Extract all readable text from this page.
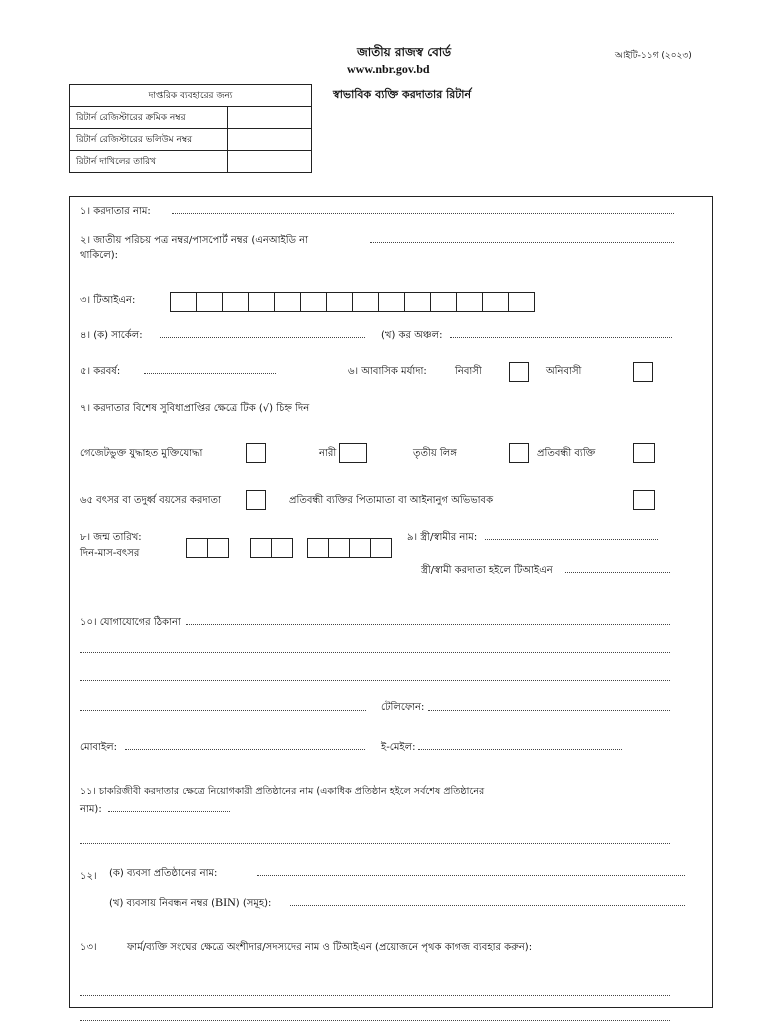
জাতীয় রাজস্ব বোর্ড
www.nbr.gov.bd
আইটি-১১গ (২০২৩)
স্বাভাবিক ব্যক্তি করদাতার রিটার্ন
দাপ্তরিক ব্যবহারের জন্য	
রিটার্ন রেজিস্টারের ক্রমিক নম্বর	
রিটার্ন রেজিস্টারের ভলিউম নম্বর	
রিটার্ন দাখিলের তারিখ	
১। করদাতার নাম:
২। জাতীয় পরিচয় পত্র নম্বর/পাসপোর্ট নম্বর (এনআইডি না
থাকিলে):
৩। টিআইএন:
৪। (ক) সার্কেল:	(খ) কর অঞ্চল:
৫। করবর্ষ:	৬। আবাসিক মর্যাদা:	নিবাসী	অনিবাসী
৭। করদাতার বিশেষ সুবিধাপ্রাপ্তির ক্ষেত্রে টিক (√) চিহ্ন দিন
গেজেটভুক্ত যুদ্ধাহত মুক্তিযোদ্ধা	নারী	তৃতীয় লিঙ্গ	প্রতিবন্ধী ব্যক্তি
৬৫ বৎসর বা তদুর্ধ্ব বয়সের করদাতা	প্রতিবন্ধী ব্যক্তির পিতামাতা বা আইনানুগ অভিভাবক
৮। জন্ম তারিখ:
দিন-মাস-বৎসর
৯। স্ত্রী/স্বামীর নাম:
স্ত্রী/স্বামী করদাতা হইলে টিআইএন
১০। যোগাযোগের ঠিকানা
টেলিফোন:
মোবাইল:	ই-মেইল:
১১। চাকরিজীবী করদাতার ক্ষেত্রে নিয়োগকারী প্রতিষ্ঠানের নাম (একাধিক প্রতিষ্ঠান হইলে সর্বশেষ প্রতিষ্ঠানের
নাম):
১২। (ক) ব্যবসা প্রতিষ্ঠানের নাম:
(খ) ব্যবসায় নিবন্ধন নম্বর (BIN) (সমূহ):
১৩।	ফার্ম/ব্যক্তি সংঘের ক্ষেত্রে অংশীদার/সদস্যদের নাম ও টিআইএন (প্রয়োজনে পৃথক কাগজ ব্যবহার করুন):
